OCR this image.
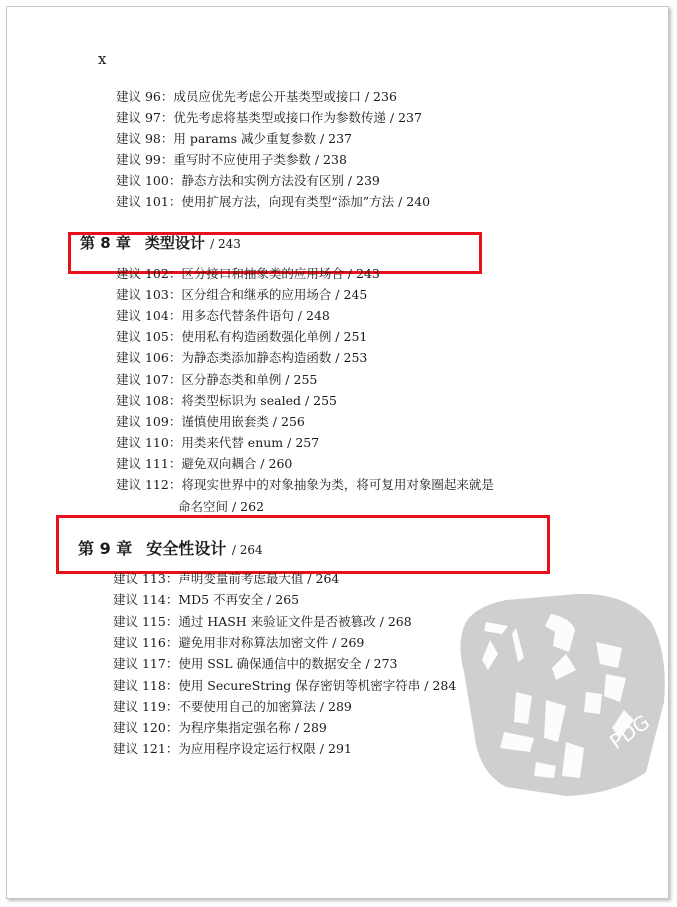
x
建议 96：成员应优先考虑公开基类型或接口 / 236
建议 97：优先考虑将基类型或接口作为参数传递 / 237
建议 98：用 params 减少重复参数 / 237
建议 99：重写时不应使用子类参数 / 238
建议 100：静态方法和实例方法没有区别 / 239
建议 101：使用扩展方法，向现有类型“添加”方法 / 240
第 8 章 类型设计 / 243
建议 102：区分接口和抽象类的应用场合 / 243
建议 103：区分组合和继承的应用场合 / 245
建议 104：用多态代替条件语句 / 248
建议 105：使用私有构造函数强化单例 / 251
建议 106：为静态类添加静态构造函数 / 253
建议 107：区分静态类和单例 / 255
建议 108：将类型标识为 sealed / 255
建议 109：谨慎使用嵌套类 / 256
建议 110：用类来代替 enum / 257
建议 111：避免双向耦合 / 260
建议 112：将现实世界中的对象抽象为类，将可复用对象圈起来就是
命名空间 / 262
第 9 章 安全性设计 / 264
建议 113：声明变量前考虑最大值 / 264
建议 114：MD5 不再安全 / 265
建议 115：通过 HASH 来验证文件是否被篡改 / 268
建议 116：避免用非对称算法加密文件 / 269
建议 117：使用 SSL 确保通信中的数据安全 / 273
建议 118：使用 SecureString 保存密钥等机密字符串 / 284
建议 119：不要使用自己的加密算法 / 289
建议 120：为程序集指定强名称 / 289
建议 121：为应用程序设定运行权限 / 291	PDG
